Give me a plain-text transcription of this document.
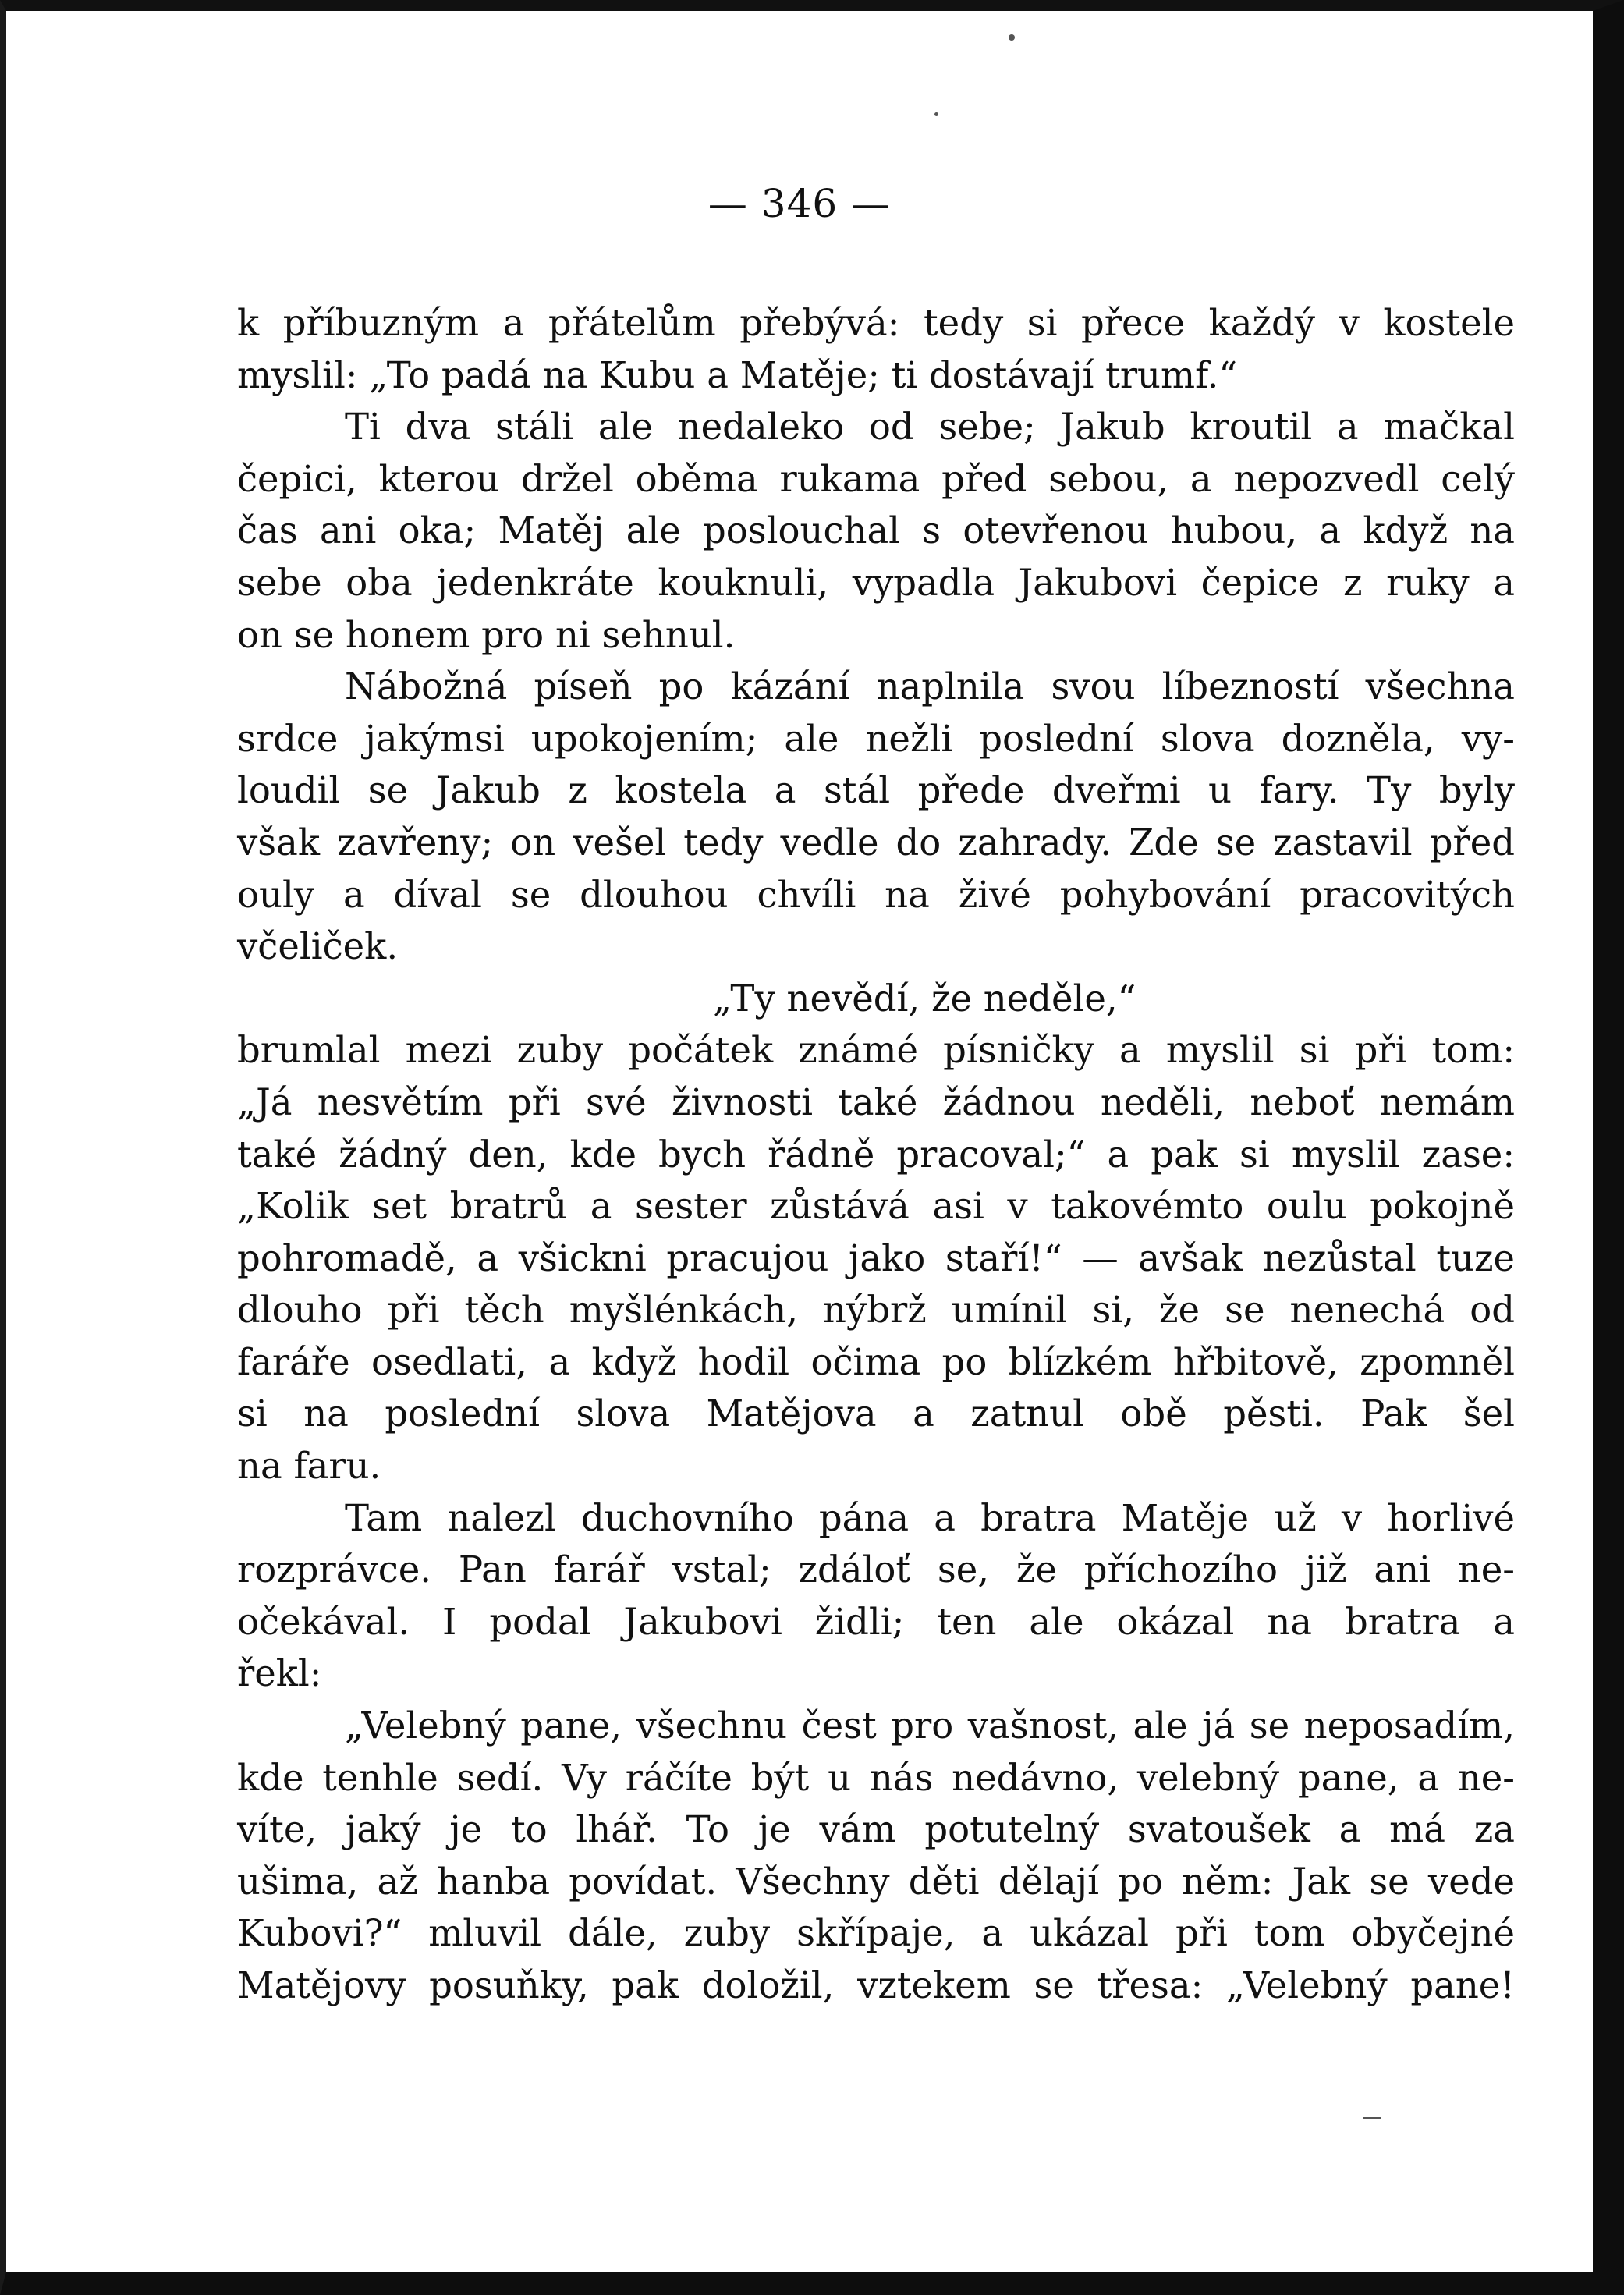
— 346 —
k příbuzným a přátelům přebývá: tedy si přece každý v kostele
myslil: „To padá na Kubu a Matěje; ti dostávají trumf.“
Ti dva stáli ale nedaleko od sebe; Jakub kroutil a mačkal
čepici, kterou držel oběma rukama před sebou, a nepozvedl celý
čas ani oka; Matěj ale poslouchal s otevřenou hubou, a když na
sebe oba jedenkráte kouknuli, vypadla Jakubovi čepice z ruky a
on se honem pro ni sehnul.
Nábožná píseň po kázání naplnila svou líbezností všechna
srdce jakýmsi upokojením; ale nežli poslední slova dozněla, vy-
loudil se Jakub z kostela a stál přede dveřmi u fary. Ty byly
však zavřeny; on vešel tedy vedle do zahrady. Zde se zastavil před
ouly a díval se dlouhou chvíli na živé pohybování pracovitých
včeliček.
„Ty nevědí, že neděle,“
brumlal mezi zuby počátek známé písničky a myslil si při tom:
„Já nesvětím při své živnosti také žádnou neděli, neboť nemám
také žádný den, kde bych řádně pracoval;“ a pak si myslil zase:
„Kolik set bratrů a sester zůstává asi v takovémto oulu pokojně
pohromadě, a všickni pracujou jako staří!“ — avšak nezůstal tuze
dlouho při těch myšlénkách, nýbrž umínil si, že se nenechá od
faráře osedlati, a když hodil očima po blízkém hřbitově, zpomněl
si na poslední slova Matějova a zatnul obě pěsti. Pak šel
na faru.
Tam nalezl duchovního pána a bratra Matěje už v horlivé
rozprávce. Pan farář vstal; zdáloť se, že příchozího již ani ne-
očekával. I podal Jakubovi židli; ten ale okázal na bratra a
řekl:
„Velebný pane, všechnu čest pro vašnost, ale já se neposadím,
kde tenhle sedí. Vy ráčíte být u nás nedávno, velebný pane, a ne-
víte, jaký je to lhář. To je vám potutelný svatoušek a má za
ušima, až hanba povídat. Všechny děti dělají po něm: Jak se vede
Kubovi?“ mluvil dále, zuby skřípaje, a ukázal při tom obyčejné
Matějovy posuňky, pak doložil, vztekem se třesa: „Velebný pane!
